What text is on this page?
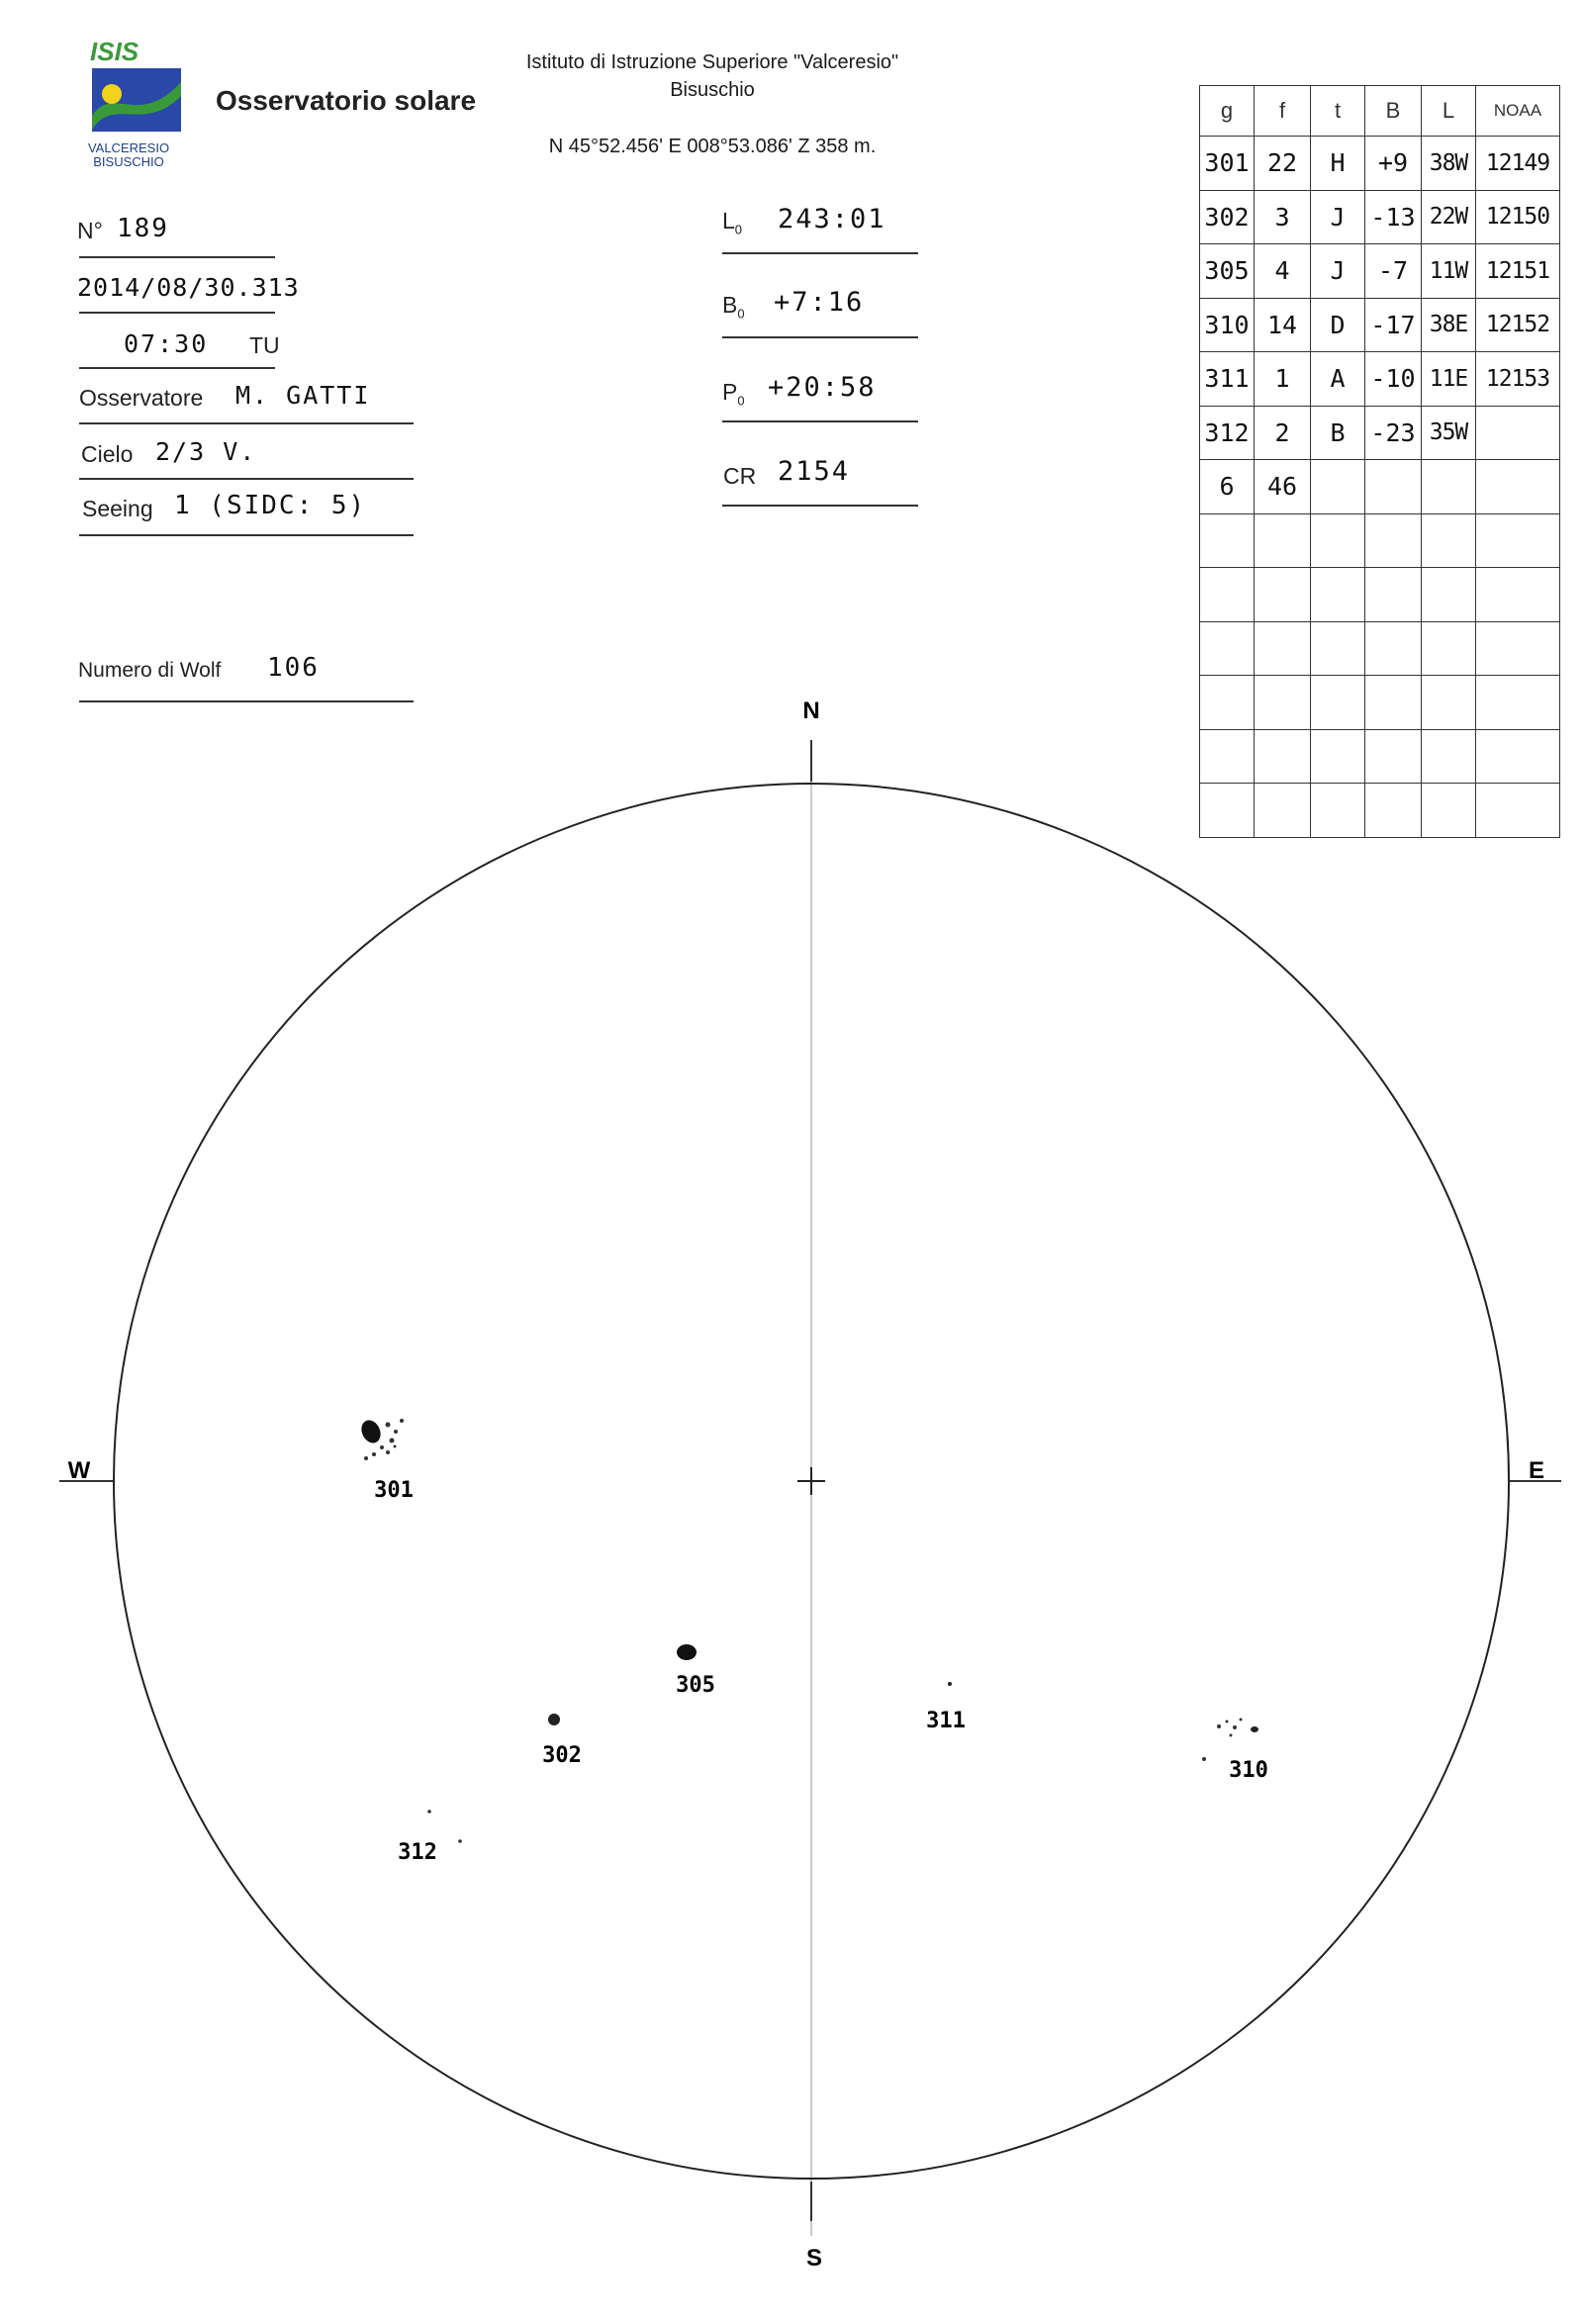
ISIS
VALCERESIO
BISUSCHIO
Osservatorio solare
Istituto di Istruzione Superiore "Valceresio"
Bisuschio
N 45°52.456' E 008°53.086' Z 358 m.
N° 189
2014/08/30.313
07:30 TU
Osservatore M. GATTI
Cielo 2/3 V.
Seeing 1 (SIDC: 5)
Numero di Wolf 106
$L_0$ 243:01
$B_0$ +7:16
$P_0$ +20:58
CR 2154
g	f	t	B	L	NOAA
301	22	H	+9	38W	12149
302	3	J	-13	22W	12150
305	4	J	-7	11W	12151
310	14	D	-17	38E	12152
311	1	A	-10	11E	12153
312	2	B	-23	35W	
6	46				

N
S
W	E
301
305
302
311
310
312
